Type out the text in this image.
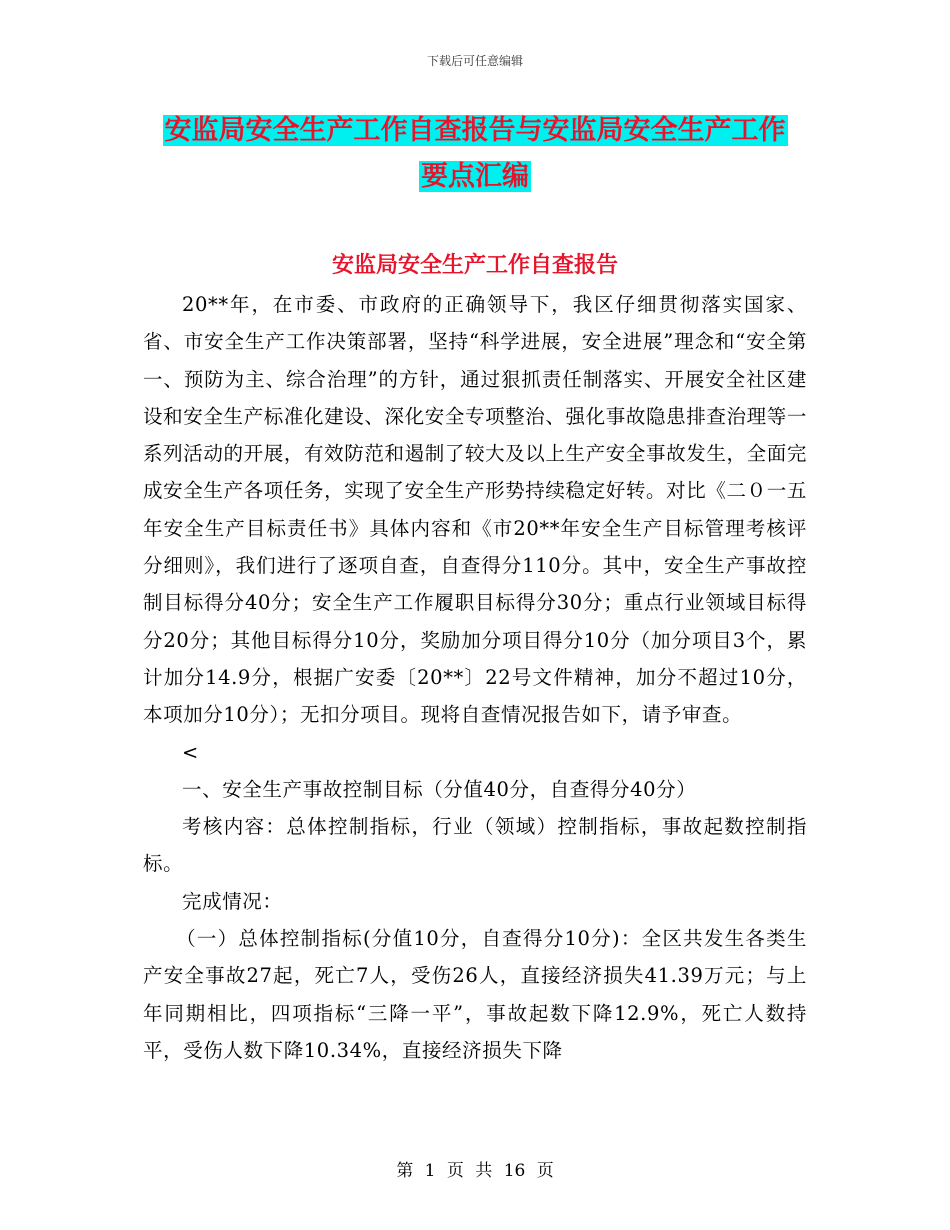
下载后可任意编辑
安监局安全生产工作自查报告与安监局安全生产工作
要点汇编
安监局安全生产工作自查报告

20**年，在市委、市政府的正确领导下，我区仔细贯彻落实国家、省、市安全生产工作决策部署，坚持“科学进展，安全进展”理念和“安全第一、预防为主、综合治理”的方针，通过狠抓责任制落实、开展安全社区建设和安全生产标准化建设、深化安全专项整治、强化事故隐患排查治理等一系列活动的开展，有效防范和遏制了较大及以上生产安全事故发生，全面完成安全生产各项任务，实现了安全生产形势持续稳定好转。对比《二０一五年安全生产目标责任书》具体内容和《市20**年安全生产目标管理考核评分细则》，我们进行了逐项自查，自查得分110分。其中，安全生产事故控制目标得分40分；安全生产工作履职目标得分30分；重点行业领域目标得分20分；其他目标得分10分，奖励加分项目得分10分（加分项目3个，累计加分14.9分，根据广安委〔20**〕22号文件精神，加分不超过10分，本项加分10分）；无扣分项目。现将自查情况报告如下，请予审查。

<

一、安全生产事故控制目标（分值40分，自查得分40分）

考核内容：总体控制指标，行业（领域）控制指标，事故起数控制指标。

完成情况：

（一）总体控制指标(分值10分，自查得分10分)：全区共发生各类生产安全事故27起，死亡7人，受伤26人，直接经济损失41.39万元；与上年同期相比，四项指标“三降一平”，事故起数下降12.9%，死亡人数持平，受伤人数下降10.34%，直接经济损失下降

第 1 页 共 16 页
